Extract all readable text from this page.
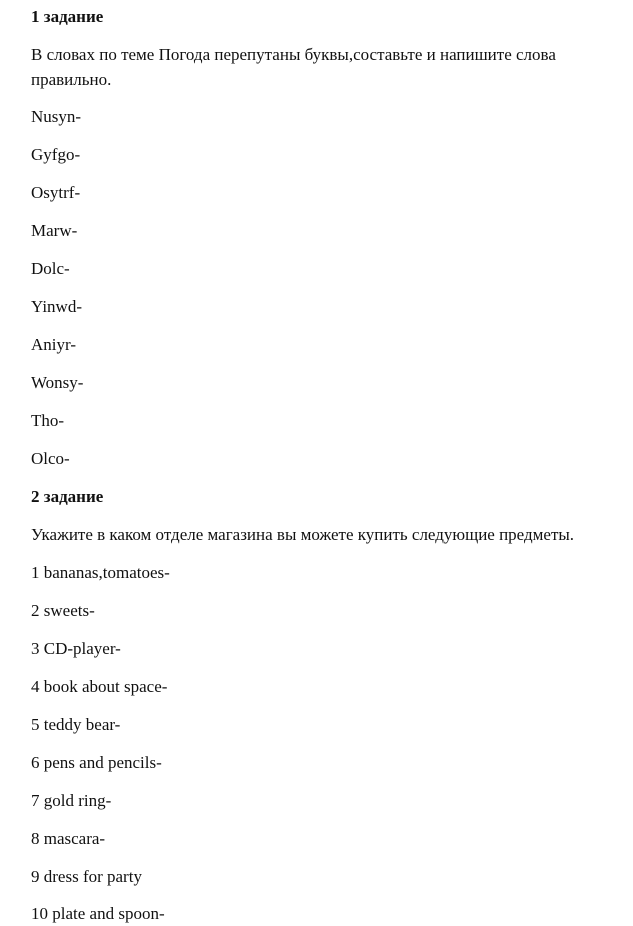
1 задание
В словах по теме Погода перепутаны буквы,составьте и напишите слова правильно.
Nusyn-
Gyfgo-
Osytrf-
Marw-
Dolc-
Yinwd-
Aniyr-
Wonsy-
Tho-
Olco-
2 задание
Укажите в каком отделе магазина вы можете купить следующие предметы.
1 bananas,tomatoes-
2 sweets-
3 CD-player-
4 book about space-
5 teddy bear-
6 pens and pencils-
7 gold ring-
8 mascara-
9 dress for party
10 plate and spoon-
